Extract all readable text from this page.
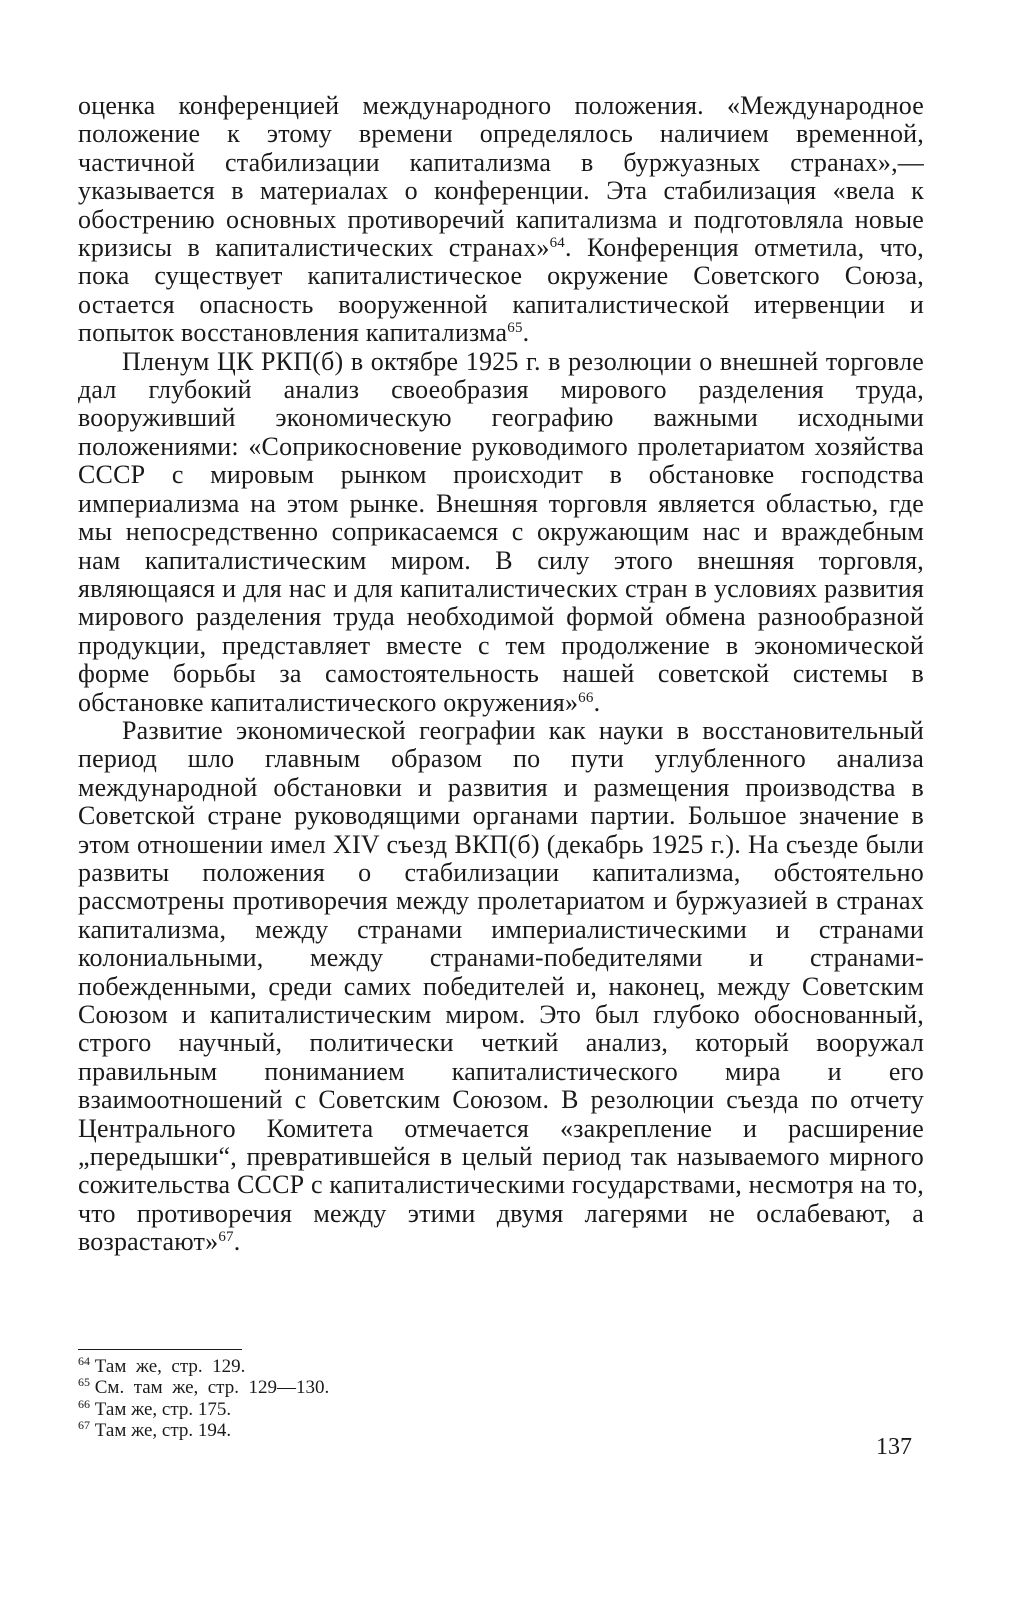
оценка конференцией международного положения. «Международное положение к этому времени определялось наличием временной, частичной стабилизации капитализма в буржуазных странах»,— указывается в материалах о конференции. Эта стабилизация «вела к обострению основных противоречий капитализма и подготовляла новые кризисы в капиталистических странах»$^{64}$. Конференция отметила, что, пока существует капиталистическое окружение Советского Союза, остается опасность вооруженной капиталистической итервенции и попыток восстановления капитализма$^{65}$.

Пленум ЦК РКП(б) в октябре 1925 г. в резолюции о внешней торговле дал глубокий анализ своеобразия мирового разделения труда, вооруживший экономическую географию важными исходными положениями: «Соприкосновение руководимого пролетариатом хозяйства СССР с мировым рынком происходит в обстановке господства империализма на этом рынке. Внешняя торговля является областью, где мы непосредственно соприкасаемся с окружающим нас и враждебным нам капиталистическим миром. В силу этого внешняя торговля, являющаяся и для нас и для капиталистических стран в условиях развития мирового разделения труда необходимой формой обмена разнообразной продукции, представляет вместе с тем продолжение в экономической форме борьбы за самостоятельность нашей советской системы в обстановке капиталистического окружения»$^{66}$.

Развитие экономической географии как науки в восстановительный период шло главным образом по пути углубленного анализа международной обстановки и развития и размещения производства в Советской стране руководящими органами партии. Большое значение в этом отношении имел XIV съезд ВКП(б) (декабрь 1925 г.). На съезде были развиты положения о стабилизации капитализма, обстоятельно рассмотрены противоречия между пролетариатом и буржуазией в странах капитализма, между странами империалистическими и странами колониальными, между странами-победителями и странами-побежденными, среди самих победителей и, наконец, между Советским Союзом и капиталистическим миром. Это был глубоко обоснованный, строго научный, политически четкий анализ, который вооружал правильным пониманием капиталистического мира и его взаимоотношений с Советским Союзом. В резолюции съезда по отчету Центрального Комитета отмечается «закрепление и расширение „передышки“, превратившейся в целый период так называемого мирного сожительства СССР с капиталистическими государствами, несмотря на то, что противоречия между этими двумя лагерями не ослабевают, а возрастают»$^{67}$.

$^{64}$ Там  же,  стр.  129.

$^{65}$ См.  там  же,  стр.  129—130.

$^{66}$ Там же, стр. 175.

$^{67}$ Там же, стр. 194.

137
